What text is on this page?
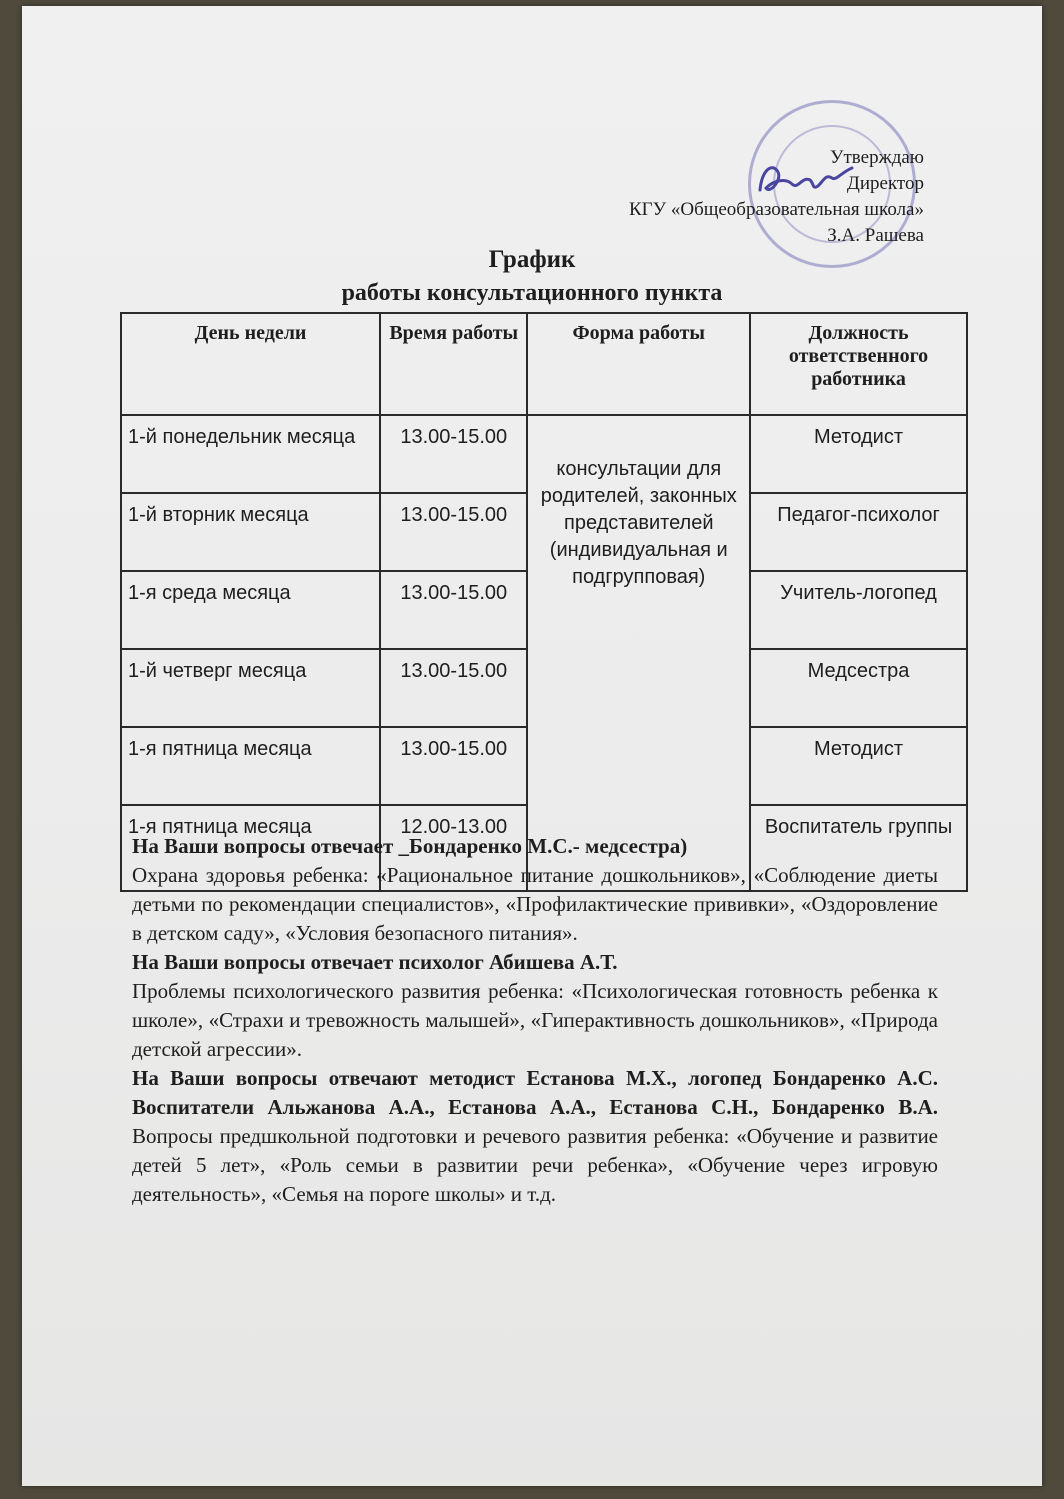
Утверждаю
Директор
КГУ «Общеобразовательная школа»
З.А. Рашева
График
работы консультационного пункта
День недели	Время работы	Форма работы	Должность ответственного работника
1-й понедельник месяца	13.00-15.00	консультации для родителей, законных представителей (индивидуальная и подгрупповая)	Методист
1-й вторник месяца	13.00-15.00		Педагог-психолог
1-я среда месяца	13.00-15.00		Учитель-логопед
1-й четверг месяца	13.00-15.00		Медсестра
1-я пятница месяца	13.00-15.00		Методист
1-я пятница месяца	12.00-13.00		Воспитатель группы

На Ваши вопросы отвечает _Бондаренко М.С.- медсестра)
Охрана здоровья ребенка: «Рациональное питание дошкольников», «Соблюдение диеты детьми по рекомендации специалистов», «Профилактические прививки», «Оздоровление в детском саду», «Условия безопасного питания».

На Ваши вопросы отвечает психолог Абишева А.Т.
Проблемы психологического развития ребенка: «Психологическая готовность ребенка к школе», «Страхи и тревожность малышей», «Гиперактивность дошкольников», «Природа детской агрессии».

На Ваши вопросы отвечают методист Естанова М.Х., логопед Бондаренко А.С. Воспитатели Альжанова А.А., Естанова А.А., Естанова С.Н., Бондаренко В.А. Вопросы предшкольной подготовки и речевого развития ребенка: «Обучение и развитие детей 5 лет», «Роль семьи в развитии речи ребенка», «Обучение через игровую деятельность», «Семья на пороге школы» и т.д.
